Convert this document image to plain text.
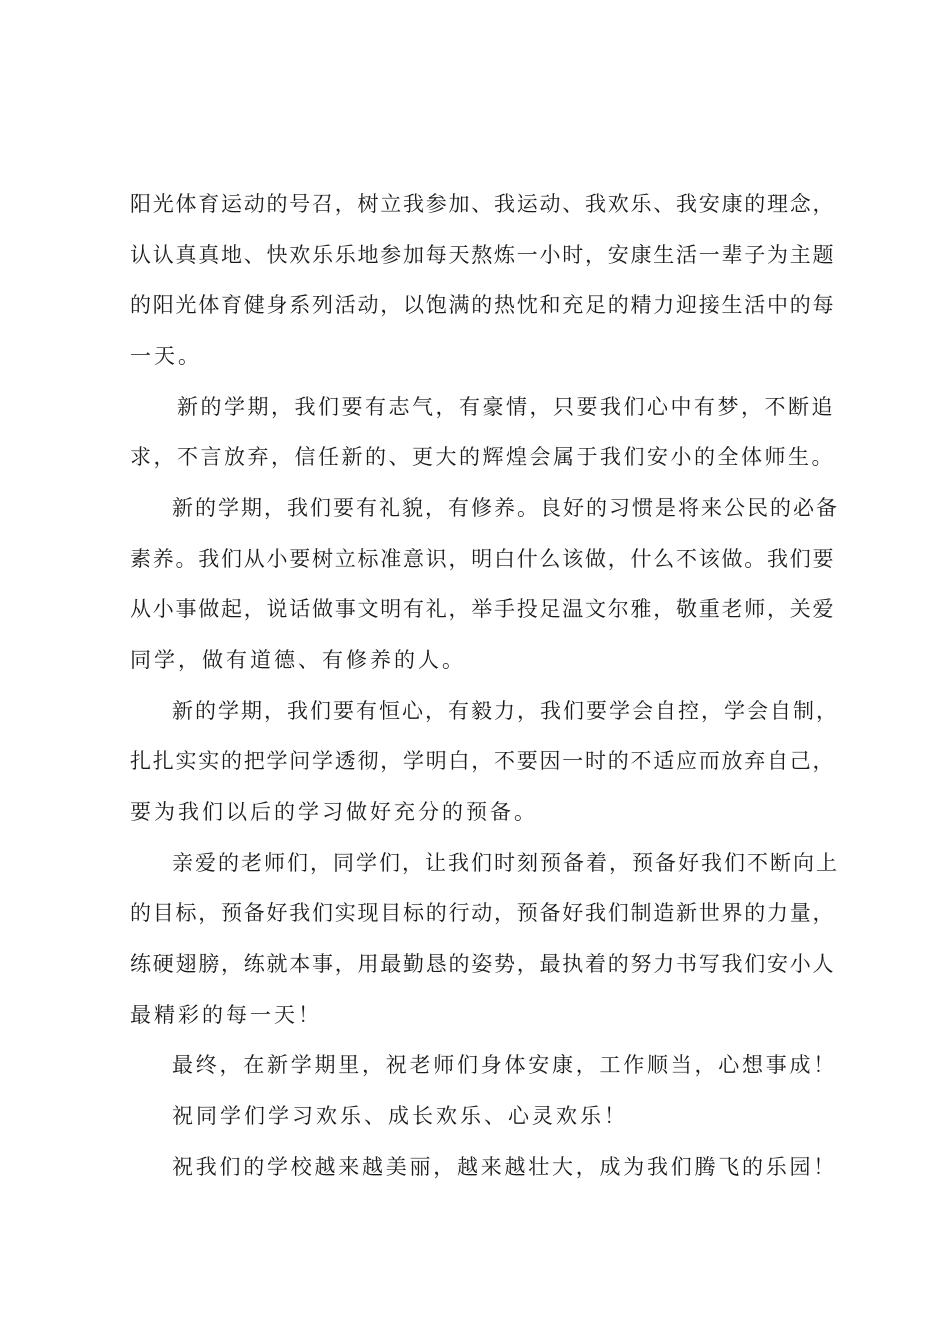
阳光体育运动的号召，树立我参加、我运动、我欢乐、我安康的理念，
认认真真地、快欢乐乐地参加每天熬炼一小时，安康生活一辈子为主题
的阳光体育健身系列活动，以饱满的热忱和充足的精力迎接生活中的每
一天。
新的学期，我们要有志气，有豪情，只要我们心中有梦，不断追
求，不言放弃，信任新的、更大的辉煌会属于我们安小的全体师生。
新的学期，我们要有礼貌，有修养。良好的习惯是将来公民的必备
素养。我们从小要树立标准意识，明白什么该做，什么不该做。我们要
从小事做起，说话做事文明有礼，举手投足温文尔雅，敬重老师，关爱
同学，做有道德、有修养的人。
新的学期，我们要有恒心，有毅力，我们要学会自控，学会自制，
扎扎实实的把学问学透彻，学明白，不要因一时的不适应而放弃自己，
要为我们以后的学习做好充分的预备。
亲爱的老师们，同学们，让我们时刻预备着，预备好我们不断向上
的目标，预备好我们实现目标的行动，预备好我们制造新世界的力量，
练硬翅膀，练就本事，用最勤恳的姿势，最执着的努力书写我们安小人
最精彩的每一天！
最终，在新学期里，祝老师们身体安康，工作顺当，心想事成！
祝同学们学习欢乐、成长欢乐、心灵欢乐！
祝我们的学校越来越美丽，越来越壮大，成为我们腾飞的乐园！
